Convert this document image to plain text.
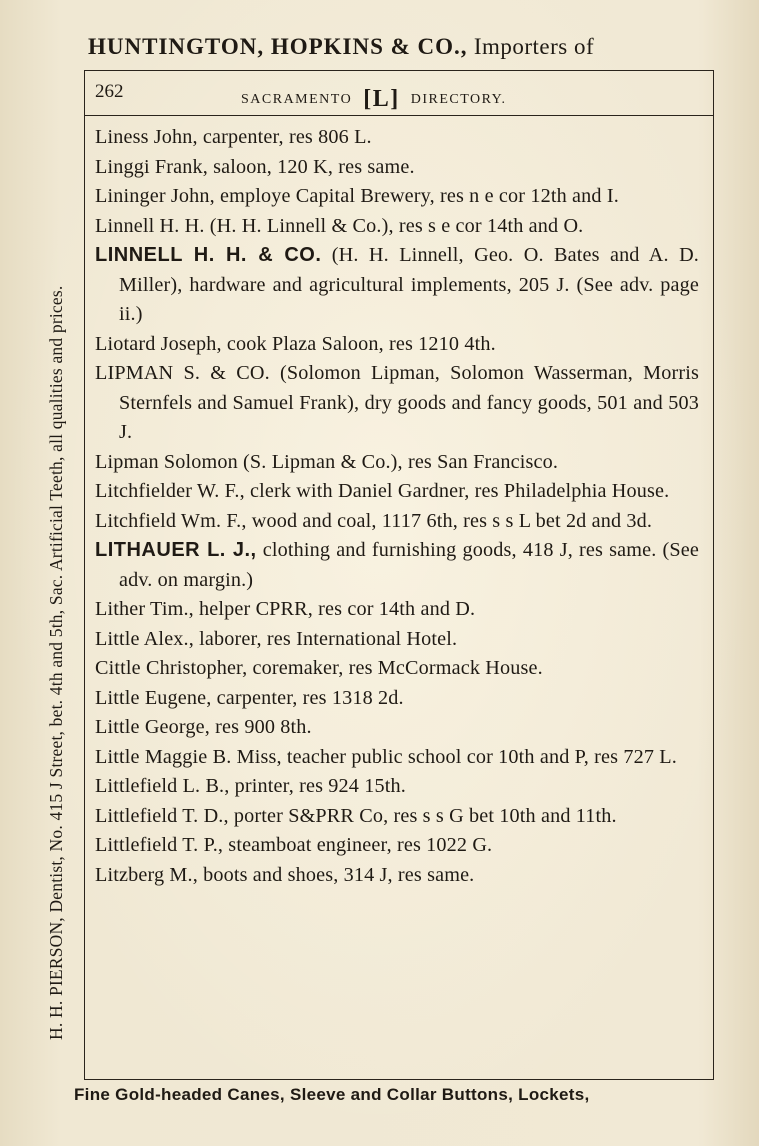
HUNTINGTON, HOPKINS & CO., Importers of
H. H. PIERSON, Dentist, No. 415 J Street, bet. 4th and 5th, Sac. Artificial Teeth, all qualities and prices.
262	SACRAMENTO [L] DIRECTORY.
Liness John, carpenter, res 806 L.
Linggi Frank, saloon, 120 K, res same.
Lininger John, employe Capital Brewery, res n e cor 12th and I.
Linnell H. H. (H. H. Linnell & Co.), res s e cor 14th and O.
LINNELL H. H. & CO. (H. H. Linnell, Geo. O. Bates and A. D. Miller), hardware and agricultural implements, 205 J. (See adv. page ii.)
Liotard Joseph, cook Plaza Saloon, res 1210 4th.
LIPMAN S. & CO. (Solomon Lipman, Solomon Wasserman, Morris Sternfels and Samuel Frank), dry goods and fancy goods, 501 and 503 J.
Lipman Solomon (S. Lipman & Co.), res San Francisco.
Litchfielder W. F., clerk with Daniel Gardner, res Philadelphia House.
Litchfield Wm. F., wood and coal, 1117 6th, res s s L bet 2d and 3d.
LITHAUER L. J., clothing and furnishing goods, 418 J, res same. (See adv. on margin.)
Lither Tim., helper CPRR, res cor 14th and D.
Little Alex., laborer, res International Hotel.
Cittle Christopher, coremaker, res McCormack House.
Little Eugene, carpenter, res 1318 2d.
Little George, res 900 8th.
Little Maggie B. Miss, teacher public school cor 10th and P, res 727 L.
Littlefield L. B., printer, res 924 15th.
Littlefield T. D., porter S&PRR Co, res s s G bet 10th and 11th.
Littlefield T. P., steamboat engineer, res 1022 G.
Litzberg M., boots and shoes, 314 J, res same.
Fine Gold-headed Canes, Sleeve and Collar Buttons, Lockets,
